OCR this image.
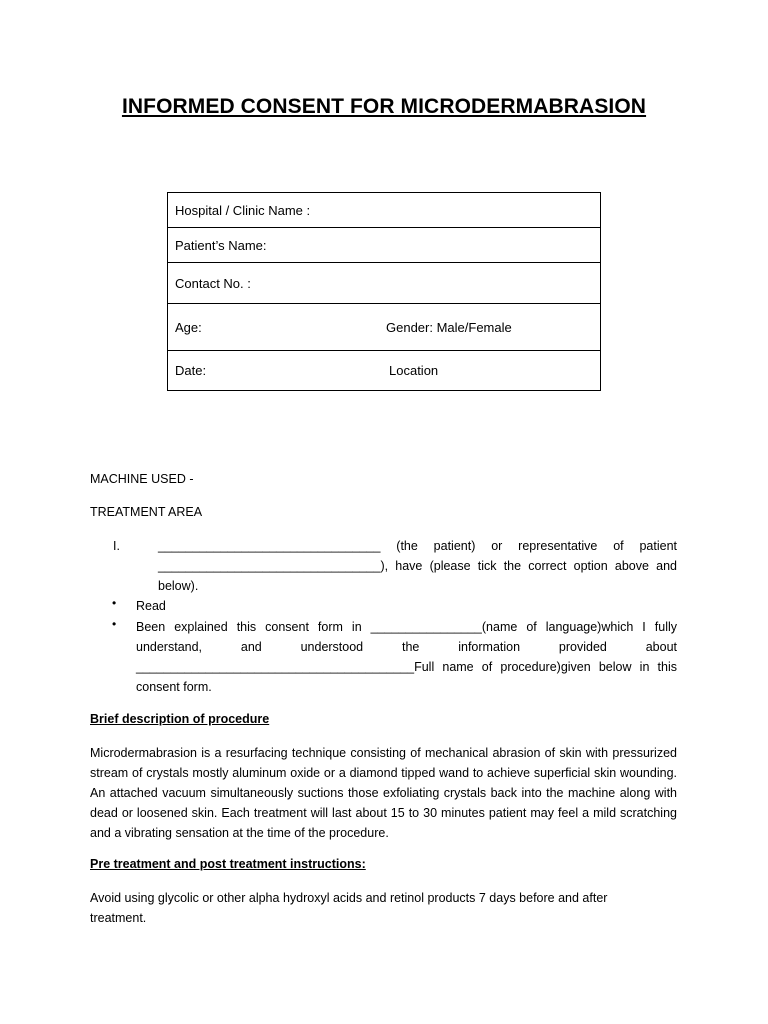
INFORMED CONSENT FOR MICRODERMABRASION
Hospital / Clinic Name :
Patient’s Name:
Contact No. :
Age:	Gender: Male/Female
Date:	Location
MACHINE USED -
TREATMENT AREA
I.	________________________________  (the  patient)  or  representative  of  patient
________________________________), have (please tick the correct option above and
below).
• Read
• Been  explained  this  consent  form  in  ________________(name  of  language)which  I  fully
understand,         and         understood         the         information         provided         about
________________________________________Full  name  of  procedure)given  below  in  this
consent form.
Brief description of procedure
Microdermabrasion is a resurfacing technique consisting of mechanical abrasion of skin with pressurized stream of crystals mostly aluminum oxide or a diamond tipped wand to achieve superficial skin wounding. An attached vacuum simultaneously suctions those exfoliating crystals back into the machine along with dead or loosened skin. Each treatment will last about 15 to 30 minutes patient may feel a mild scratching and a vibrating sensation at the time of the procedure.
Pre treatment and post treatment instructions:
Avoid using glycolic or other alpha hydroxyl acids and retinol products 7 days before and after
treatment.
